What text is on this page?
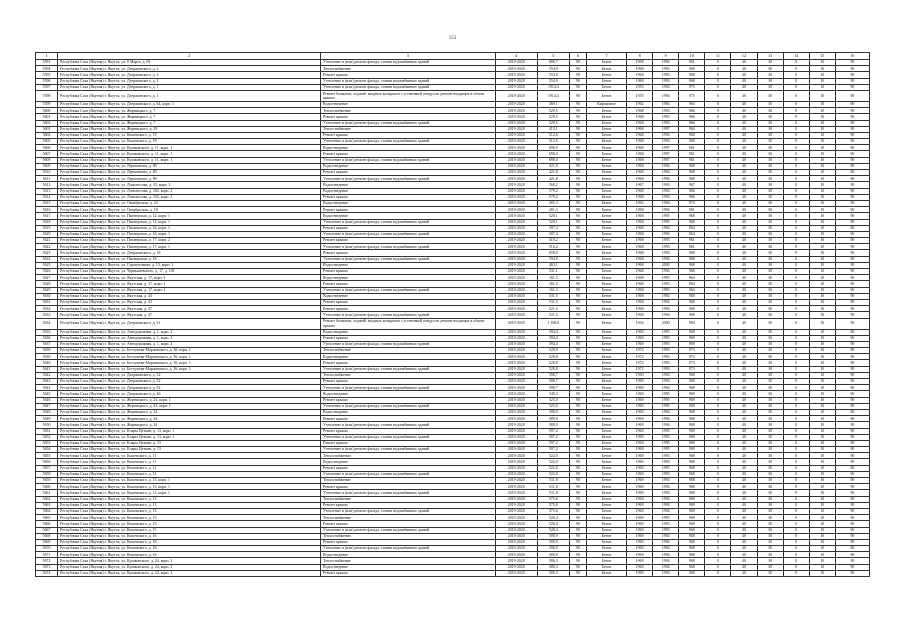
153
1	2	3	4	5	6	7	8	9	10	11	12	13	14	15	16
5591	Республика Саха (Якутия) г. Якутск, ул. 8 Марта, д. 09	Утепление и (или) ремонт фасада, ставни водонабивных зданий	2019-2020	886,7	90	Бетон	1968	1984	961	0	40	30	0	10	90
5594	Республика Саха (Якутия) г. Якутск, ул. Дзержинского, д. 2	Теплоснабжение	2019-2020	554,9	90	Бетон	1968	1993	968	0	40	30	0	10	90
5595	Республика Саха (Якутия) г. Якутск, ул. Дзержинского, д. 2	Ремонт крыши	2019-2020	554,9	90	Бетон	1968	1993	968	0	40	30	0	10	90
5596	Республика Саха (Якутия) г. Якутск, ул. Дзержинского, д. 2	Утепление и (или) ремонт фасада, ставни водонабивных зданий	2019-2020	554,9	90	Бетон	1968	1993	968	0	40	30	0	10	90
5597	Республика Саха (Якутия) г. Якутск, ул. Дзержинского, д. 1	Утепление и (или) ремонт фасада, ставни водонабивных зданий	2019-2020	1914,4	90	Бетон	1955	1994	975	0	40	30	0	10	90
5598	Республика Саха (Якутия) г. Якутск, ул. Дзержинского, д. 1	Ремонт балконов, лоджий, входных козырьков с установкой пандусов; ремонт входящих в объект крыши	2019-2020	1914,4	90	Бетон	1955	1994	975	0	40	30	0	10	90
5599	Республика Саха (Якутия) г. Якутск, ул. Дзержинского, д. 64, корп. 1	Водоотведение	2019-2020	469,1	90	Кирпичное	1962	1984	963	0	40	30	0	10	90
5600	Республика Саха (Якутия) г. Якутск, ул. Жорницкого, д. 7	Теплоснабжение	2019-2020	529,5	90	Бетон	1968	1993	966	0	40	30	0	10	90
5601	Республика Саха (Якутия) г. Якутск, ул. Жорницкого, д. 7	Ремонт крыши	2019-2020	529,5	90	Бетон	1968	1993	966	0	40	30	0	10	90
5602	Республика Саха (Якутия) г. Якутск, ул. Жорницкого, д. 7	Утепление и (или) ремонт фасада, ставни водонабивных зданий	2019-2020	529,5	90	Бетон	1968	1993	966	0	40	30	0	10	90
5603	Республика Саха (Якутия) г. Якутск, ул. Жорницкого, д. 29	Теплоснабжение	2019-2020	413,1	90	Бетон	1968	1997	964	0	40	30	0	10	90
5604	Республика Саха (Якутия) г. Якутск, ул. Кошевского, д. 19	Ремонт крыши	2019-2020	512,6	90	Бетон	1968	1994	968	0	40	30	0	10	90
5605	Республика Саха (Якутия) г. Якутск, ул. Кошевского, д. 19	Утепление и (или) ремонт фасада, ставни водонабивных зданий	2019-2020	512,6	90	Бетон	1968	1994	968	0	40	30	0	10	90
5606	Республика Саха (Якутия) г. Якутск, ул. Кулаковского, д. 11, корп. 1	Водоотведение	2019-2020	698,0	90	Бетон	1968	1997	961	0	40	30	0	10	90
5607	Республика Саха (Якутия) г. Якутск, ул. Кулаковского, д. 11, корп. 1	Ремонт крыши	2019-2020	698,0	90	Бетон	1968	1997	961	0	40	30	0	10	90
5608	Республика Саха (Якутия) г. Якутск, ул. Кулаковского, д. 11, корп. 1	Утепление и (или) ремонт фасада, ставни водонабивных зданий	2019-2020	698,0	90	Бетон	1968	1997	961	0	40	30	0	10	90
5609	Республика Саха (Якутия) г. Якутск, ул. Лермонтова, д. 89	Водоотведение	2019-2020	421,8	90	Бетон	1968	1994	968	0	40	30	0	10	90
5610	Республика Саха (Якутия) г. Якутск, ул. Лермонтова, д. 89	Ремонт крыши	2019-2020	421,8	90	Бетон	1968	1994	968	0	40	30	0	10	90
5611	Республика Саха (Якутия) г. Якутск, ул. Лермонтова, д. 89	Утепление и (или) ремонт фасада, ставни водонабивных зданий	2019-2020	421,8	90	Бетон	1968	1994	968	0	40	30	0	10	90
5612	Республика Саха (Якутия) г. Якутск, ул. Ломоносова, д. 35, корп. 2	Водоотведение	2019-2020	568,2	90	Бетон	1967	1993	967	0	40	30	0	10	90
5613	Республика Саха (Якутия) г. Якутск, ул. Ломоносова, д. 102, корп. 2	Водоотведение	2019-2020	579,2	90	Бетон	1968	1994	966	0	40	30	0	10	90
5614	Республика Саха (Якутия) г. Якутск, ул. Ломоносова, д. 102, корп. 2	Ремонт крыши	2019-2020	579,2	90	Бетон	1968	1994	966	0	40	30	0	10	90
5615	Республика Саха (Якутия) г. Якутск, ул. Октябрьская, д. 24	Водоотведение	2019-2020	285,3	90	Бетон	1962	1994	973	0	40	30	0	10	90
5616	Республика Саха (Якутия) г. Якутск, ул. Октябрьская, д. 18	Ремонт крыши	2019-2020	281,3	90	Бетон	1968	1994	961	0	40	30	0	10	90
5617	Республика Саха (Якутия) г. Якутск, ул. Пионерская, д. 12, корп. 1	Водоотведение	2019-2020	520,1	90	Бетон	1968	1995	968	0	40	30	0	10	90
5618	Республика Саха (Якутия) г. Якутск, ул. Пионерская, д. 12, корп. 1	Утепление и (или) ремонт фасада, ставни водонабивных зданий	2019-2020	520,1	90	Бетон	1968	1995	968	0	40	30	0	10	90
5619	Республика Саха (Якутия) г. Якутск, ул. Пионерская, д. 16, корп. 1	Ремонт крыши	2019-2020	587,4	90	Бетон	1968	1994	964	0	40	30	0	10	90
5620	Республика Саха (Якутия) г. Якутск, ул. Пионерская, д. 16, корп. 1	Утепление и (или) ремонт фасада, ставни водонабивных зданий	2019-2020	587,4	90	Бетон	1968	1994	964	0	40	30	0	10	90
5621	Республика Саха (Якутия) г. Якутск, ул. Пионерская, д. 17, корп. 2	Ремонт крыши	2019-2020	510,2	90	Бетон	1968	1993	961	0	40	30	0	10	90
5622	Республика Саха (Якутия) г. Якутск, ул. Пионерская, д. 17, корп. 1	Утепление и (или) ремонт фасада, ставни водонабивных зданий	2019-2020	510,2	90	Бетон	1968	1993	961	0	40	30	0	10	90
5623	Республика Саха (Якутия) г. Якутск, ул. Дзержинского, д. 18	Ремонт крыши	2019-2020	650,0	90	Бетон	1968	1994	968	0	40	30	0	10	90
5624	Республика Саха (Якутия) г. Якутск, ул. Пионерская, д. 18	Утепление и (или) ремонт фасада, ставни водонабивных зданий	2019-2020	594,9	90	Бетон	1968	1994	968	0	40	30	0	10	90
5625	Республика Саха (Якутия) г. Якутск, ул. Строительная, д. 13, корп. 1	Водоотведение	2019-2020	463,1	90	Бетон	1968	2000	968	0	40	30	0	10	90
5626	Республика Саха (Якутия) г. Якутск, ул. Чернышевского, д. 17, д. 101	Ремонт крыши	2019-2020	531,1	90	Бетон	1968	1994	966	0	40	30	0	10	90
5627	Республика Саха (Якутия) г. Якутск, ул. Якутская, д. 17, корп. 1	Водоотведение	2019-2020	161,3	90	Бетон	1968	1993	964	0	40	30	0	10	90
5628	Республика Саха (Якутия) г. Якутск, ул. Якутская, д. 17, корп. 1	Ремонт крыши	2019-2020	161,3	90	Бетон	1968	1993	964	0	40	30	0	10	90
5629	Республика Саха (Якутия) г. Якутск, ул. Якутская, д. 17, корп. 1	Утепление и (или) ремонт фасада, ставни водонабивных зданий	2019-2020	161,3	90	Бетон	1968	1993	964	0	40	30	0	10	90
5630	Республика Саха (Якутия) г. Якутск, ул. Якутская, д. 43	Водоотведение	2019-2020	531,5	90	Бетон	1968	1992	968	0	40	30	0	10	90
5631	Республика Саха (Якутия) г. Якутск, ул. Якутская, д. 43	Ремонт крыши	2019-2020	531,5	90	Бетон	1968	1992	968	0	40	30	0	10	90
5632	Республика Саха (Якутия) г. Якутск, ул. Якутская, д. 47	Ремонт крыши	2019-2020	521,3	90	Бетон	1968	1994	968	0	40	30	0	10	90
5633	Республика Саха (Якутия) г. Якутск, ул. Якутская, д. 47	Утепление и (или) ремонт фасада, ставни водонабивных зданий	2019-2020	521,3	90	Бетон	1968	1994	968	0	40	30	0	10	90
5634	Республика Саха (Якутия) г. Якутск, ул. Дзержинского, д. 21	Ремонт балконов, лоджий, входных козырьков с установкой пандусов; ремонт входящих в объект крыши	2019-2020	1 168,0	90	Бетон	1954	2000	984	0	40	30	0	10	90
5635	Республика Саха (Якутия) г. Якутск, ул. Автодорожная, д. 1, корп. 2	Водоотведение	2019-2020	594,4	90	Бетон	1969	1993	969	0	40	30	0	10	90
5636	Республика Саха (Якутия) г. Якутск, ул. Автодорожная, д. 1, корп. 2	Ремонт крыши	2019-2020	594,4	90	Бетон	1969	1993	969	0	40	30	0	10	90
5637	Республика Саха (Якутия) г. Якутск, ул. Автодорожная, д. 1, корп. 2	Утепление и (или) ремонт фасада, ставни водонабивных зданий	2019-2020	594,4	90	Бетон	1969	1993	969	0	40	30	0	10	90
5638	Республика Саха (Якутия) г. Якутск, ул. Бестужева-Марлинского, д. 36, корп. 1	Теплоснабжение	2019-2020	528,8	90	Бетон	1972	1993	973	0	40	30	0	10	90
5639	Республика Саха (Якутия) г. Якутск, ул. Бестужева-Марлинского, д. 36, корп. 1	Водоотведение	2019-2020	528,8	90	Бетон	1972	1993	973	0	40	30	0	10	90
5640	Республика Саха (Якутия) г. Якутск, ул. Бестужева-Марлинского, д. 36, корп. 1	Ремонт крыши	2019-2020	528,8	90	Бетон	1972	1993	973	0	40	30	0	10	90
5641	Республика Саха (Якутия) г. Якутск, ул. Бестужева-Марлинского, д. 36, корп. 1	Утепление и (или) ремонт фасада, ставни водонабивных зданий	2019-2020	528,8	90	Бетон	1972	1993	973	0	40	30	0	10	90
5642	Республика Саха (Якутия) г. Якутск, ул. Дзержинского, д. 52	Теплоснабжение	2019-2020	598,7	90	Бетон	1969	1994	968	0	40	30	0	10	90
5643	Республика Саха (Якутия) г. Якутск, ул. Дзержинского, д. 52	Ремонт крыши	2019-2020	598,7	90	Бетон	1969	1994	968	0	40	30	0	10	90
5644	Республика Саха (Якутия) г. Якутск, ул. Дзержинского, д. 52	Утепление и (или) ремонт фасада, ставни водонабивных зданий	2019-2020	598,7	90	Бетон	1969	1994	968	0	40	30	0	10	90
5645	Республика Саха (Якутия) г. Якутск, ул. Дзержинского, д. 46	Водоотведение	2019-2020	549,3	90	Бетон	1969	1995	969	0	40	30	0	10	90
5646	Республика Саха (Якутия) г. Якутск, ул. Жорницкого, д. 23, корп. 1	Ремонт крыши	2019-2020	525,0	90	Бетон	1969	1995	969	0	40	30	0	10	90
5647	Республика Саха (Якутия) г. Якутск, ул. Жорницкого, д. 23, корп. 1	Утепление и (или) ремонт фасада, ставни водонабивных зданий	2019-2020	525,0	90	Бетон	1969	1995	969	0	40	30	0	10	90
5648	Республика Саха (Якутия) г. Якутск, ул. Жорницкого, д. 34	Водоотведение	2019-2020	589,9	90	Бетон	1969	1994	968	0	40	30	0	10	90
5649	Республика Саха (Якутия) г. Якутск, ул. Жорницкого, д. 34	Ремонт крыши	2019-2020	589,9	90	Бетон	1969	1994	968	0	40	30	0	10	90
5650	Республика Саха (Якутия) г. Якутск, ул. Жорницкого, д. 34	Утепление и (или) ремонт фасада, ставни водонабивных зданий	2019-2020	589,9	90	Бетон	1969	1994	968	0	40	30	0	10	90
5651	Республика Саха (Якутия) г. Якутск, ул. Клары Цеткин, д. 13, корп. 1	Ремонт крыши	2019-2020	597,2	90	Бетон	1969	1995	969	0	40	30	0	10	90
5652	Республика Саха (Якутия) г. Якутск, ул. Клары Цеткин, д. 13, корп. 1	Утепление и (или) ремонт фасада, ставни водонабивных зданий	2019-2020	597,2	90	Бетон	1969	1995	969	0	40	30	0	10	90
5653	Республика Саха (Якутия) г. Якутск, ул. Клары Цеткин, д. 13	Ремонт крыши	2019-2020	597,2	90	Бетон	1969	1995	969	0	40	30	0	10	90
5654	Республика Саха (Якутия) г. Якутск, ул. Клары Цеткин, д. 13	Утепление и (или) ремонт фасада, ставни водонабивных зданий	2019-2020	597,2	90	Бетон	1969	1995	969	0	40	30	0	10	90
5655	Республика Саха (Якутия) г. Якутск, ул. Кошевского, д. 11	Теплоснабжение	2019-2020	522,0	90	Бетон	1969	1993	968	0	40	30	0	10	90
5656	Республика Саха (Якутия) г. Якутск, ул. Кошевского, д. 11	Водоотведение	2019-2020	522,0	90	Бетон	1969	1993	968	0	40	30	0	10	90
5657	Республика Саха (Якутия) г. Якутск, ул. Кошевского, д. 11	Ремонт крыши	2019-2020	522,0	90	Бетон	1969	1993	968	0	40	30	0	10	90
5658	Республика Саха (Якутия) г. Якутск, ул. Кошевского, д. 11	Утепление и (или) ремонт фасада, ставни водонабивных зданий	2019-2020	522,0	90	Бетон	1969	1993	968	0	40	30	0	10	90
5659	Республика Саха (Якутия) г. Якутск, ул. Кошевского, д. 13, корп. 1	Теплоснабжение	2019-2020	511,8	90	Бетон	1969	1994	968	0	40	30	0	10	90
5660	Республика Саха (Якутия) г. Якутск, ул. Кошевского, д. 13, корп. 1	Ремонт крыши	2019-2020	511,8	90	Бетон	1969	1994	968	0	40	30	0	10	90
5661	Республика Саха (Якутия) г. Якутск, ул. Кошевского, д. 13, корп. 1	Утепление и (или) ремонт фасада, ставни водонабивных зданий	2019-2020	511,8	90	Бетон	1969	1994	968	0	40	30	0	10	90
5662	Республика Саха (Якутия) г. Якутск, ул. Кошевского, д. 13	Теплоснабжение	2019-2020	575,6	90	Бетон	1969	1994	969	0	40	30	0	10	90
5663	Республика Саха (Якутия) г. Якутск, ул. Кошевского, д. 13	Ремонт крыши	2019-2020	575,6	90	Бетон	1969	1994	969	0	40	30	0	10	90
5664	Республика Саха (Якутия) г. Якутск, ул. Кошевского, д. 13	Утепление и (или) ремонт фасада, ставни водонабивных зданий	2019-2020	575,6	90	Бетон	1969	1994	969	0	40	30	0	10	90
5665	Республика Саха (Якутия) г. Якутск, ул. Кошевского, д. 15	Теплоснабжение	2019-2020	520,4	90	Бетон	1969	1993	969	0	40	30	0	10	90
5666	Республика Саха (Якутия) г. Якутск, ул. Кошевского, д. 15	Ремонт крыши	2019-2020	520,4	90	Бетон	1969	1993	969	0	40	30	0	10	90
5667	Республика Саха (Якутия) г. Якутск, ул. Кошевского, д. 15	Утепление и (или) ремонт фасада, ставни водонабивных зданий	2019-2020	520,4	90	Бетон	1969	1993	969	0	40	30	0	10	90
5668	Республика Саха (Якутия) г. Якутск, ул. Кошевского, д. 16	Теплоснабжение	2019-2020	500,9	90	Бетон	1969	1994	968	0	40	30	0	10	90
5669	Республика Саха (Якутия) г. Якутск, ул. Кошевского, д. 16	Ремонт крыши	2019-2020	500,9	90	Бетон	1969	1994	968	0	40	30	0	10	90
5670	Республика Саха (Якутия) г. Якутск, ул. Кошевского, д. 16	Утепление и (или) ремонт фасада, ставни водонабивных зданий	2019-2020	500,9	90	Бетон	1969	1994	968	0	40	30	0	10	90
5671	Республика Саха (Якутия) г. Якутск, ул. Кошевского, д. 16	Водоотведение	2019-2020	500,9	90	Бетон	1969	1994	968	0	40	30	0	10	90
5672	Республика Саха (Якутия) г. Якутск, ул. Кулаковского, д. 24, корп. 2	Теплоснабжение	2019-2020	586,3	90	Бетон	1969	1994	968	0	40	30	0	10	90
5673	Республика Саха (Якутия) г. Якутск, ул. Кулаковского, д. 24, корп. 2	Водоотведение	2019-2020	586,3	90	Бетон	1969	1994	968	0	40	30	0	10	90
5674	Республика Саха (Якутия) г. Якутск, ул. Кулаковского, д. 24, корп. 2	Ремонт крыши	2019-2020	586,3	90	Бетон	1969	1994	968	0	40	30	0	10	90
